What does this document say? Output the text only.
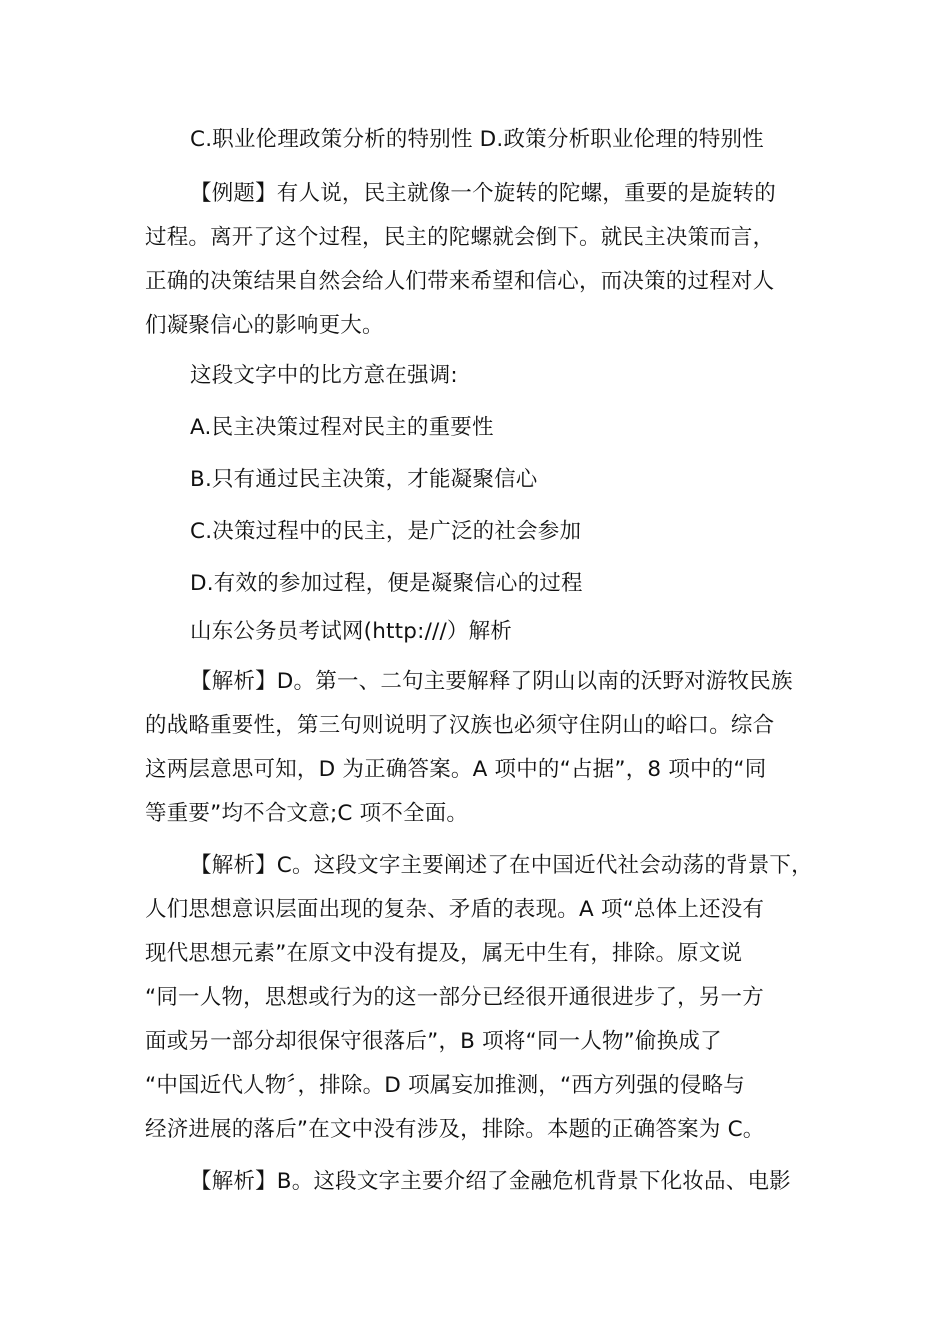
C.职业伦理政策分析的特别性 D.政策分析职业伦理的特别性
【例题】有人说，民主就像一个旋转的陀螺，重要的是旋转的
过程。离开了这个过程，民主的陀螺就会倒下。就民主决策而言，
正确的决策结果自然会给人们带来希望和信心，而决策的过程对人
们凝聚信心的影响更大。
这段文字中的比方意在强调:
A.民主决策过程对民主的重要性
B.只有通过民主决策，才能凝聚信心
C.决策过程中的民主，是广泛的社会参加
D.有效的参加过程，便是凝聚信心的过程
山东公务员考试网(http:///）解析
【解析】D。第一、二句主要解释了阴山以南的沃野对游牧民族
的战略重要性，第三句则说明了汉族也必须守住阴山的峪口。综合
这两层意思可知，D 为正确答案。A 项中的“占据”，8 项中的“同
等重要”均不合文意;C 项不全面。
【解析】C。这段文字主要阐述了在中国近代社会动荡的背景下，
人们思想意识层面出现的复杂、矛盾的表现。A 项“总体上还没有
现代思想元素”在原文中没有提及，属无中生有，排除。原文说
“同一人物，思想或行为的这一部分已经很开通很进步了，另一方
面或另一部分却很保守很落后”，B 项将“同一人物”偷换成了
“中国近代人物〞，排除。D 项属妄加推测，“西方列强的侵略与
经济进展的落后”在文中没有涉及，排除。本题的正确答案为 C。
【解析】B。这段文字主要介绍了金融危机背景下化妆品、电影
